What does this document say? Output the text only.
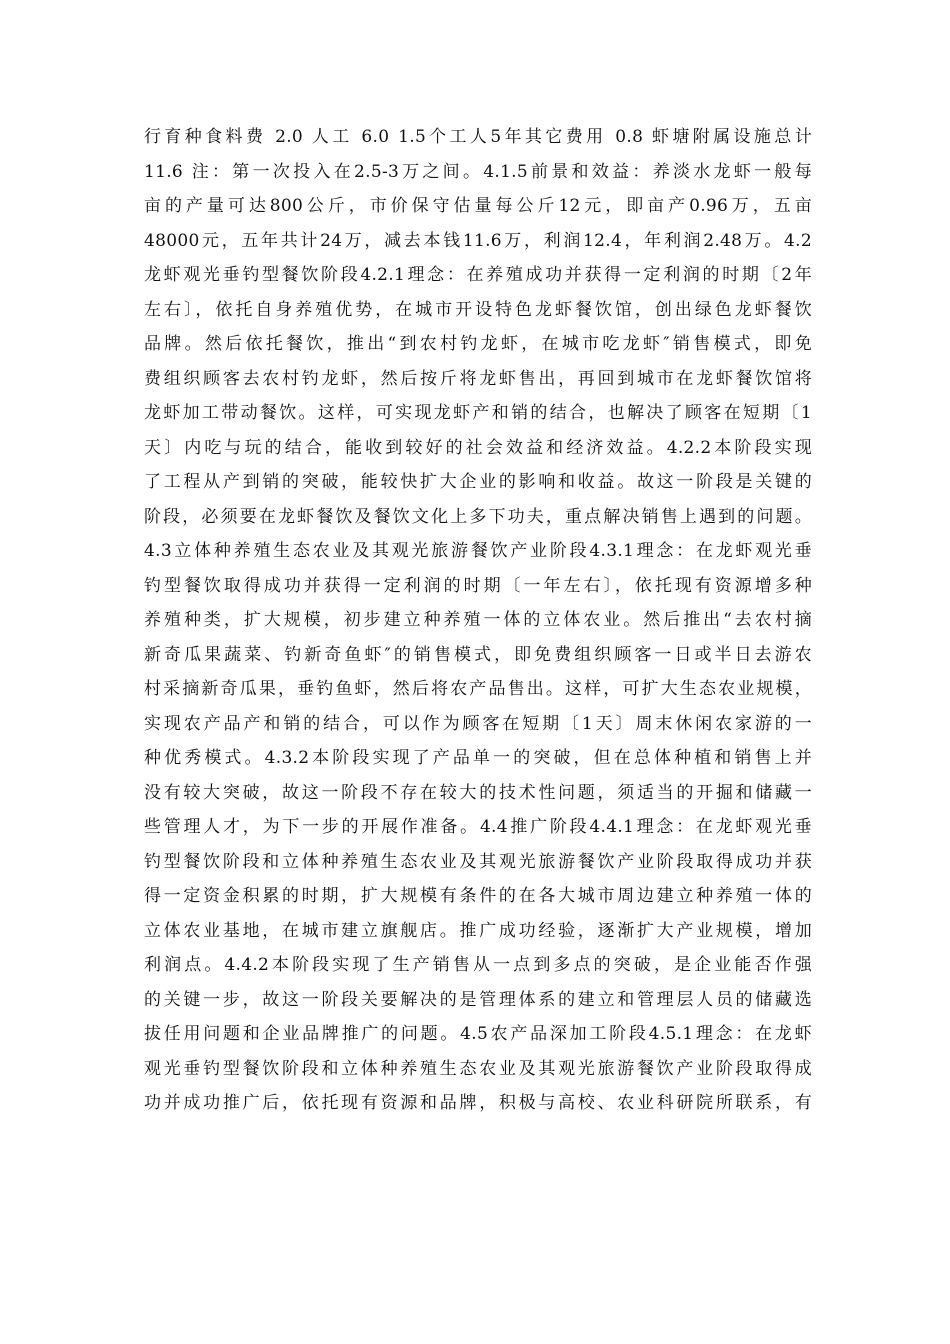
行育种食料费 2.0 人工 6.0 1.5个工人5年其它费用 0.8 虾塘附属设施总计
11.6 注：第一次投入在2.5-3万之间。4.1.5前景和效益：养淡水龙虾一般每
亩的产量可达800公斤，市价保守估量每公斤12元，即亩产0.96万，五亩
48000元，五年共计24万，减去本钱11.6万，利润12.4，年利润2.48万。4.2
龙虾观光垂钓型餐饮阶段4.2.1理念：在养殖成功并获得一定利润的时期〔2年
左右〕，依托自身养殖优势，在城市开设特色龙虾餐饮馆，创出绿色龙虾餐饮
品牌。然后依托餐饮，推出“到农村钓龙虾，在城市吃龙虾″销售模式，即免
费组织顾客去农村钓龙虾，然后按斤将龙虾售出，再回到城市在龙虾餐饮馆将
龙虾加工带动餐饮。这样，可实现龙虾产和销的结合，也解决了顾客在短期〔1
天〕内吃与玩的结合，能收到较好的社会效益和经济效益。4.2.2本阶段实现
了工程从产到销的突破，能较快扩大企业的影响和收益。故这一阶段是关键的
阶段，必须要在龙虾餐饮及餐饮文化上多下功夫，重点解决销售上遇到的问题。
4.3立体种养殖生态农业及其观光旅游餐饮产业阶段4.3.1理念：在龙虾观光垂
钓型餐饮取得成功并获得一定利润的时期〔一年左右〕，依托现有资源增多种
养殖种类，扩大规模，初步建立种养殖一体的立体农业。然后推出“去农村摘
新奇瓜果蔬菜、钓新奇鱼虾″的销售模式，即免费组织顾客一日或半日去游农
村采摘新奇瓜果，垂钓鱼虾，然后将农产品售出。这样，可扩大生态农业规模，
实现农产品产和销的结合，可以作为顾客在短期〔1天〕周末休闲农家游的一
种优秀模式。4.3.2本阶段实现了产品单一的突破，但在总体种植和销售上并
没有较大突破，故这一阶段不存在较大的技术性问题，须适当的开掘和储藏一
些管理人才，为下一步的开展作准备。4.4推广阶段4.4.1理念：在龙虾观光垂
钓型餐饮阶段和立体种养殖生态农业及其观光旅游餐饮产业阶段取得成功并获
得一定资金积累的时期，扩大规模有条件的在各大城市周边建立种养殖一体的
立体农业基地，在城市建立旗舰店。推广成功经验，逐渐扩大产业规模，增加
利润点。4.4.2本阶段实现了生产销售从一点到多点的突破，是企业能否作强
的关键一步，故这一阶段关要解决的是管理体系的建立和管理层人员的储藏选
拔任用问题和企业品牌推广的问题。4.5农产品深加工阶段4.5.1理念：在龙虾
观光垂钓型餐饮阶段和立体种养殖生态农业及其观光旅游餐饮产业阶段取得成
功并成功推广后，依托现有资源和品牌，积极与高校、农业科研院所联系，有
